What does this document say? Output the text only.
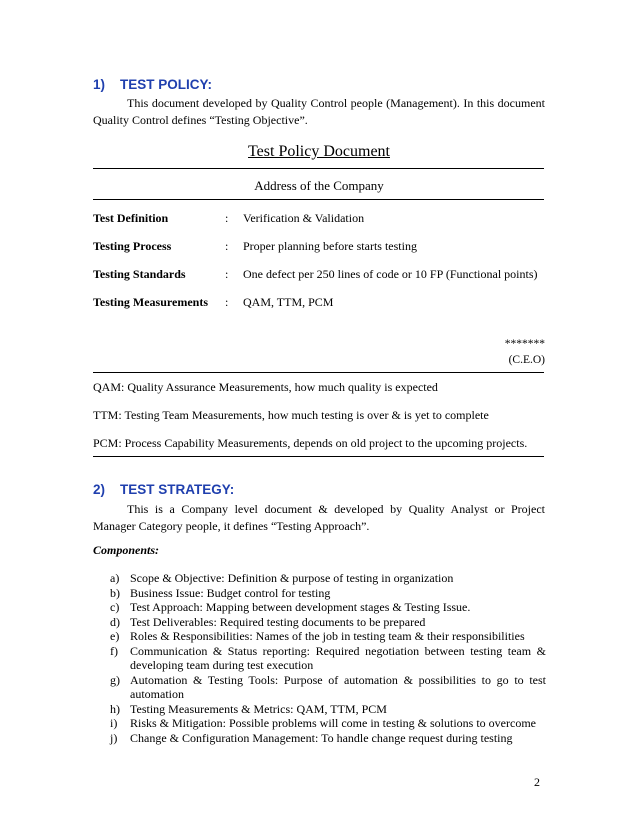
1) TEST POLICY:
This document developed by Quality Control people (Management). In this document Quality Control defines “Testing Objective”.
Test Policy Document
Address of the Company
Test Definition	: Verification & Validation
Testing Process	: Proper planning before starts testing
Testing Standards	: One defect per 250 lines of code or 10 FP (Functional points)
Testing Measurements : QAM, TTM, PCM
*******
(C.E.O)
QAM: Quality Assurance Measurements, how much quality is expected
TTM: Testing Team Measurements, how much testing is over & is yet to complete
PCM: Process Capability Measurements, depends on old project to the upcoming projects.
2) TEST STRATEGY:
This is a Company level document & developed by Quality Analyst or Project Manager Category people, it defines “Testing Approach”.
Components:
a) Scope & Objective: Definition & purpose of testing in organization
b) Business Issue: Budget control for testing
c) Test Approach: Mapping between development stages & Testing Issue.
d) Test Deliverables: Required testing documents to be prepared
e) Roles & Responsibilities: Names of the job in testing team & their responsibilities
f) Communication & Status reporting: Required negotiation between testing team & developing team during test execution
g) Automation & Testing Tools: Purpose of automation & possibilities to go to test automation
h) Testing Measurements & Metrics: QAM, TTM, PCM
i) Risks & Mitigation: Possible problems will come in testing & solutions to overcome
j) Change & Configuration Management: To handle change request during testing
2
